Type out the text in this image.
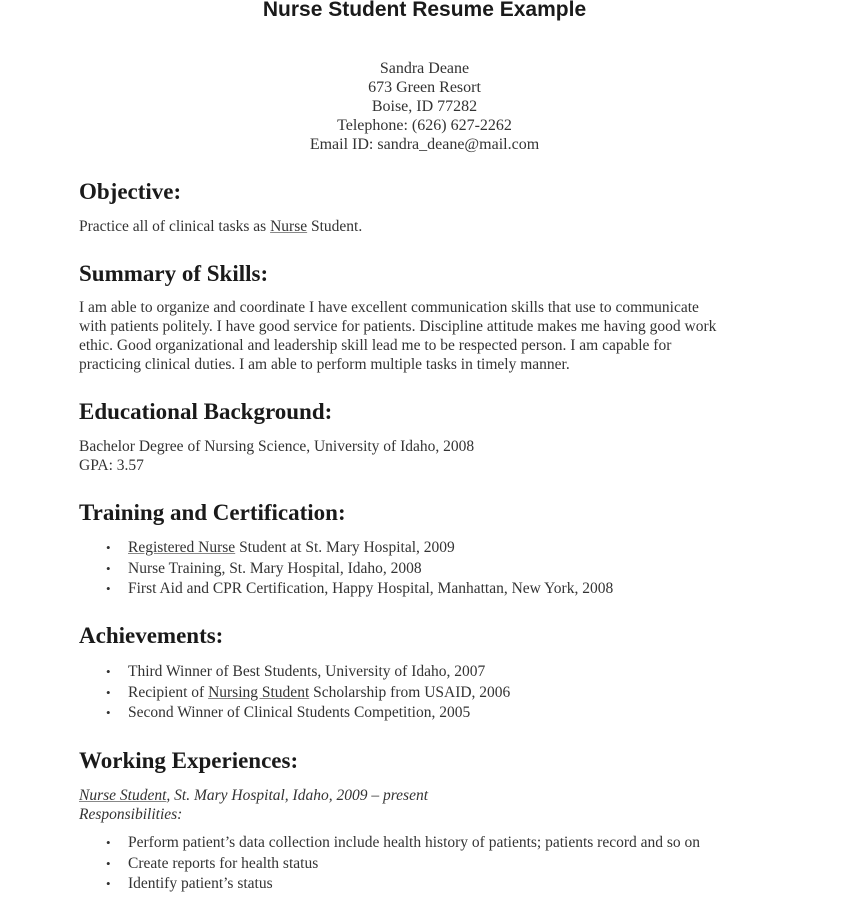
Nurse Student Resume Example
Sandra Deane
673 Green Resort
Boise, ID 77282
Telephone: (626) 627-2262
Email ID: sandra_deane@mail.com
Objective:
Practice all of clinical tasks as Nurse Student.
Summary of Skills:
I am able to organize and coordinate I have excellent communication skills that use to communicate
with patients politely. I have good service for patients. Discipline attitude makes me having good work
ethic. Good organizational and leadership skill lead me to be respected person. I am capable for
practicing clinical duties. I am able to perform multiple tasks in timely manner.
Educational Background:
Bachelor Degree of Nursing Science, University of Idaho, 2008
GPA: 3.57
Training and Certification:
• Registered Nurse Student at St. Mary Hospital, 2009
• Nurse Training, St. Mary Hospital, Idaho, 2008
• First Aid and CPR Certification, Happy Hospital, Manhattan, New York, 2008
Achievements:
• Third Winner of Best Students, University of Idaho, 2007
• Recipient of Nursing Student Scholarship from USAID, 2006
• Second Winner of Clinical Students Competition, 2005
Working Experiences:
Nurse Student, St. Mary Hospital, Idaho, 2009 – present
Responsibilities:
• Perform patient’s data collection include health history of patients; patients record and so on
• Create reports for health status
• Identify patient’s status
